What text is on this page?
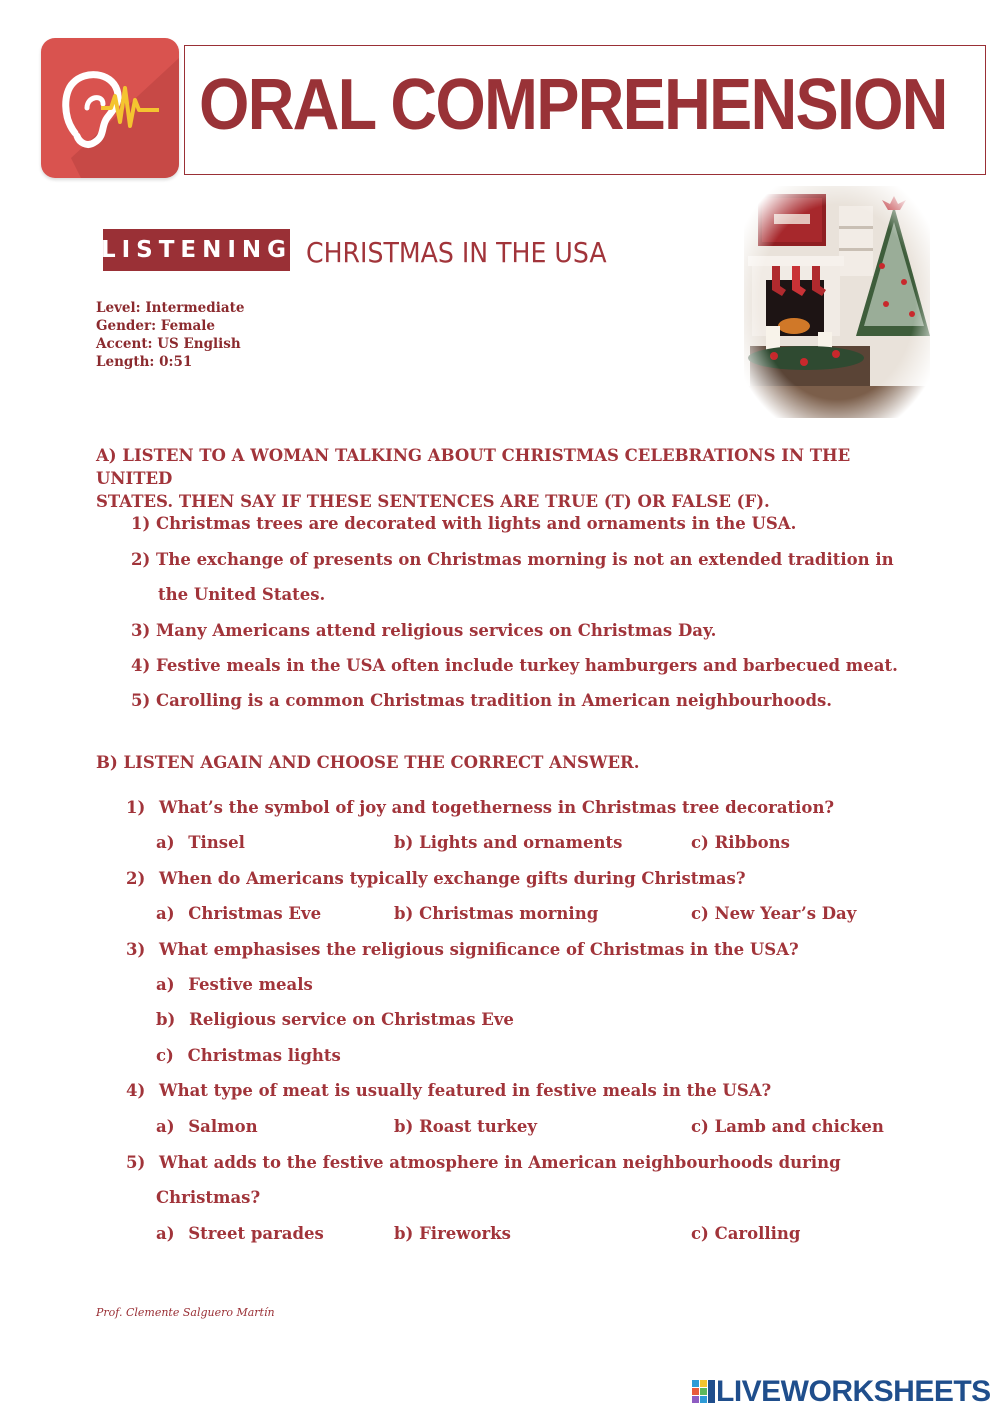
ORAL COMPREHENSION
LISTENING CHRISTMAS IN THE USA
Level: Intermediate
Gender: Female
Accent: US English
Length: 0:51
A) LISTEN TO A WOMAN TALKING ABOUT CHRISTMAS CELEBRATIONS IN THE UNITED
STATES. THEN SAY IF THESE SENTENCES ARE TRUE (T) OR FALSE (F).
1) Christmas trees are decorated with lights and ornaments in the USA.
2) The exchange of presents on Christmas morning is not an extended tradition in
the United States.
3) Many Americans attend religious services on Christmas Day.
4) Festive meals in the USA often include turkey hamburgers and barbecued meat.
5) Carolling is a common Christmas tradition in American neighbourhoods.
B) LISTEN AGAIN AND CHOOSE THE CORRECT ANSWER.
1) What’s the symbol of joy and togetherness in Christmas tree decoration?
a) Tinsel	b) Lights and ornaments	c) Ribbons
2) When do Americans typically exchange gifts during Christmas?
a) Christmas Eve	b) Christmas morning	c) New Year’s Day
3) What emphasises the religious significance of Christmas in the USA?
a) Festive meals
b) Religious service on Christmas Eve
c) Christmas lights
4) What type of meat is usually featured in festive meals in the USA?
a) Salmon	b) Roast turkey	c) Lamb and chicken
5) What adds to the festive atmosphere in American neighbourhoods during
Christmas?
a) Street parades	b) Fireworks	c) Carolling
Prof. Clemente Salguero Martín
LIVEWORKSHEETS
